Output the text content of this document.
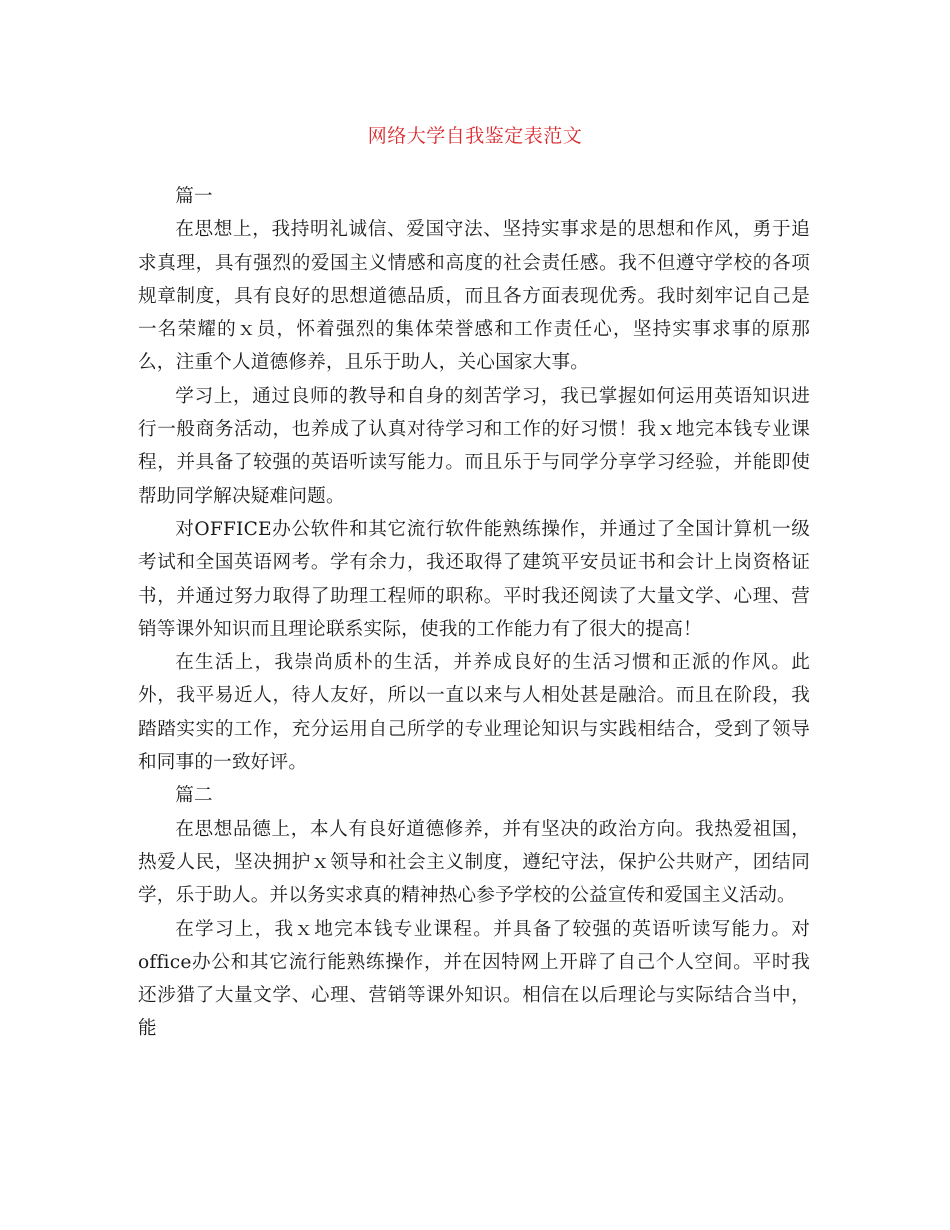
网络大学自我鉴定表范文

篇一

在思想上，我持明礼诚信、爱国守法、坚持实事求是的思想和作风，勇于追求真理，具有强烈的爱国主义情感和高度的社会责任感。我不但遵守学校的各项规章制度，具有良好的思想道德品质，而且各方面表现优秀。我时刻牢记自己是一名荣耀的ｘ员，怀着强烈的集体荣誉感和工作责任心，坚持实事求事的原那么，注重个人道德修养，且乐于助人，关心国家大事。

学习上，通过良师的教导和自身的刻苦学习，我已掌握如何运用英语知识进行一般商务活动，也养成了认真对待学习和工作的好习惯！我ｘ地完本钱专业课程，并具备了较强的英语听读写能力。而且乐于与同学分享学习经验，并能即使帮助同学解决疑难问题。

对OFFICE办公软件和其它流行软件能熟练操作，并通过了全国计算机一级考试和全国英语网考。学有余力，我还取得了建筑平安员证书和会计上岗资格证书，并通过努力取得了助理工程师的职称。平时我还阅读了大量文学、心理、营销等课外知识而且理论联系实际，使我的工作能力有了很大的提高！

在生活上，我崇尚质朴的生活，并养成良好的生活习惯和正派的作风。此外，我平易近人，待人友好，所以一直以来与人相处甚是融洽。而且在阶段，我踏踏实实的工作，充分运用自己所学的专业理论知识与实践相结合，受到了领导和同事的一致好评。

篇二

在思想品德上，本人有良好道德修养，并有坚决的政治方向。我热爱祖国，热爱人民，坚决拥护ｘ领导和社会主义制度，遵纪守法，保护公共财产，团结同学，乐于助人。并以务实求真的精神热心参予学校的公益宣传和爱国主义活动。

在学习上，我ｘ地完本钱专业课程。并具备了较强的英语听读写能力。对office办公和其它流行能熟练操作，并在因特网上开辟了自己个人空间。平时我还涉猎了大量文学、心理、营销等课外知识。相信在以后理论与实际结合当中，能
